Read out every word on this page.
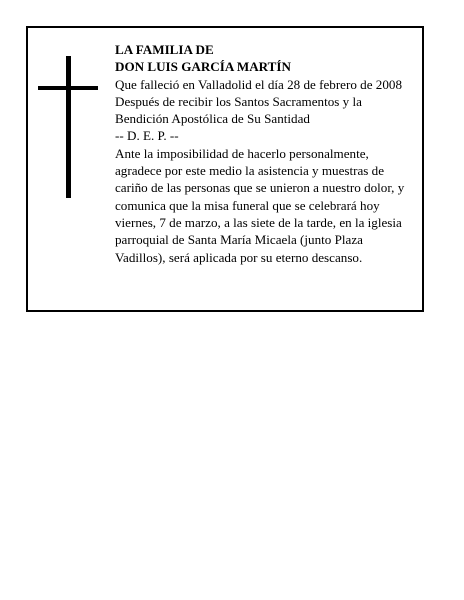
LA FAMILIA DE
DON LUIS GARCÍA MARTÍN
Que falleció en Valladolid el día 28 de febrero de 2008
Después de recibir los Santos Sacramentos y la
Bendición Apostólica de Su Santidad
-- D. E. P. --
Ante la imposibilidad de hacerlo personalmente,
agradece por este medio la asistencia y muestras de
cariño de las personas que se unieron a nuestro dolor, y
comunica que la misa funeral que se celebrará hoy
viernes, 7 de marzo, a las siete de la tarde, en la iglesia
parroquial de Santa María Micaela (junto Plaza
Vadillos), será aplicada por su eterno descanso.
